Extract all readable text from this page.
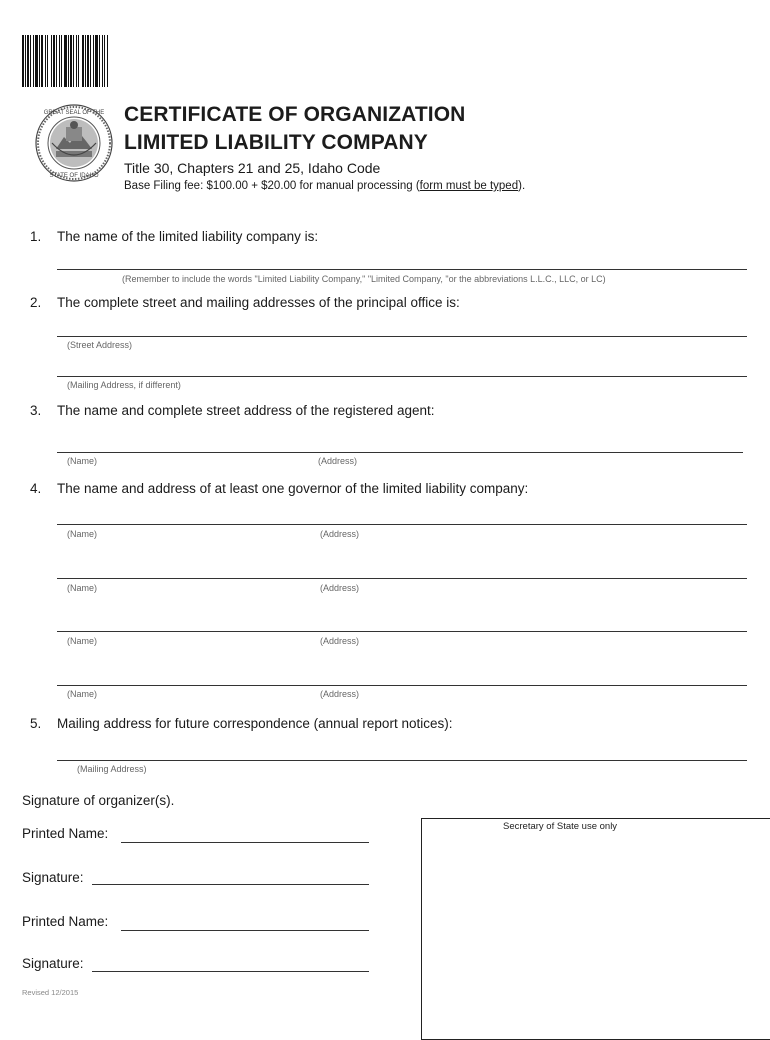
GREAT SEAL OF THE
STATE OF IDAHO
CERTIFICATE OF ORGANIZATION
LIMITED LIABILITY COMPANY
Title 30, Chapters 21 and 25, Idaho Code
Base Filing fee: $100.00 + $20.00 for manual processing (form must be typed).
1. The name of the limited liability company is:
(Remember to include the words "Limited Liability Company," "Limited Company, "or the abbreviations L.L.C., LLC, or LC)
2. The complete street and mailing addresses of the principal office is:
(Street Address)
(Mailing Address, if different)
3. The name and complete street address of the registered agent:
(Name)	(Address)
4. The name and address of at least one governor of the limited liability company:
(Name)	(Address)
(Name)	(Address)
(Name)	(Address)
(Name)	(Address)
5. Mailing address for future correspondence (annual report notices):
(Mailing Address)
Signature of organizer(s).
Printed Name:
Signature:
Printed Name:
Signature:
Secretary of State use only
Revised 12/2015
